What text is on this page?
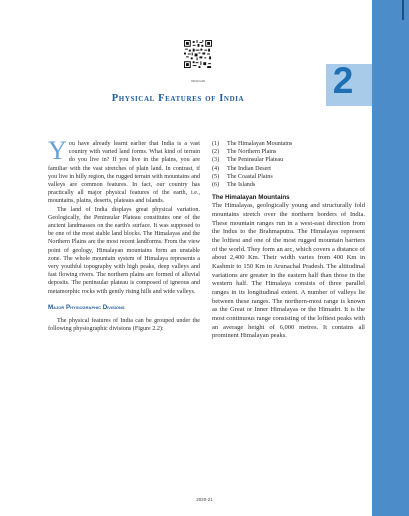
2
0364CH02
Physical Features of India
©

You have already learnt earlier that India is a vast country with varied land forms. What kind of terrain do you live in? If you live in the plains, you are familiar with the vast stretches of plain land. In contrast, if you live in hilly region, the rugged terrain with mountains and valleys are common features. In fact, our country has practically all major physical features of the earth, i.e., mountains, plains, deserts, plateaus and islands.

The land of India displays great physical variation. Geologically, the Peninsular Plateau constitutes one of the ancient landmasses on the earth's surface. It was supposed to be one of the most stable land blocks. The Himalayas and the Northern Plains are the most recent landforms. From the view point of geology, Himalayan mountains form an unstable zone. The whole mountain system of Himalaya represents a very youthful topography with high peaks, deep valleys and fast flowing rivers. The northern plains are formed of alluvial deposits. The peninsular plateau is composed of igneous and metamorphic rocks with gently rising hills and wide valleys.

Major Physiographic Divisions

The physical features of India can be grouped under the following physiographic divisions (Figure 2.2):

(1)	The Himalayan Mountains
(2)	The Northern Plains
(3)	The Peninsular Plateau
(4)	The Indian Desert
(5)	The Coastal Plains
(6)	The Islands

The Himalayan Mountains

The Himalayas, geologically young and structurally fold mountains stretch over the northern borders of India. These mountain ranges run in a west-east direction from the Indus to the Brahmaputra. The Himalayas represent the loftiest and one of the most rugged mountain barriers of the world. They form an arc, which covers a distance of about 2,400 Km. Their width varies from 400 Km in Kashmir to 150 Km in Arunachal Pradesh. The altitudinal variations are greater in the eastern half than those in the western half. The Himalaya consists of three parallel ranges in its longitudinal extent. A number of valleys lie between these ranges. The northern-most range is known as the Great or Inner Himalayas or the Himadri. It is the most continuous range consisting of the loftiest peaks with an average height of 6,000 metres. It contains all prominent Himalayan peaks.

2020-21
